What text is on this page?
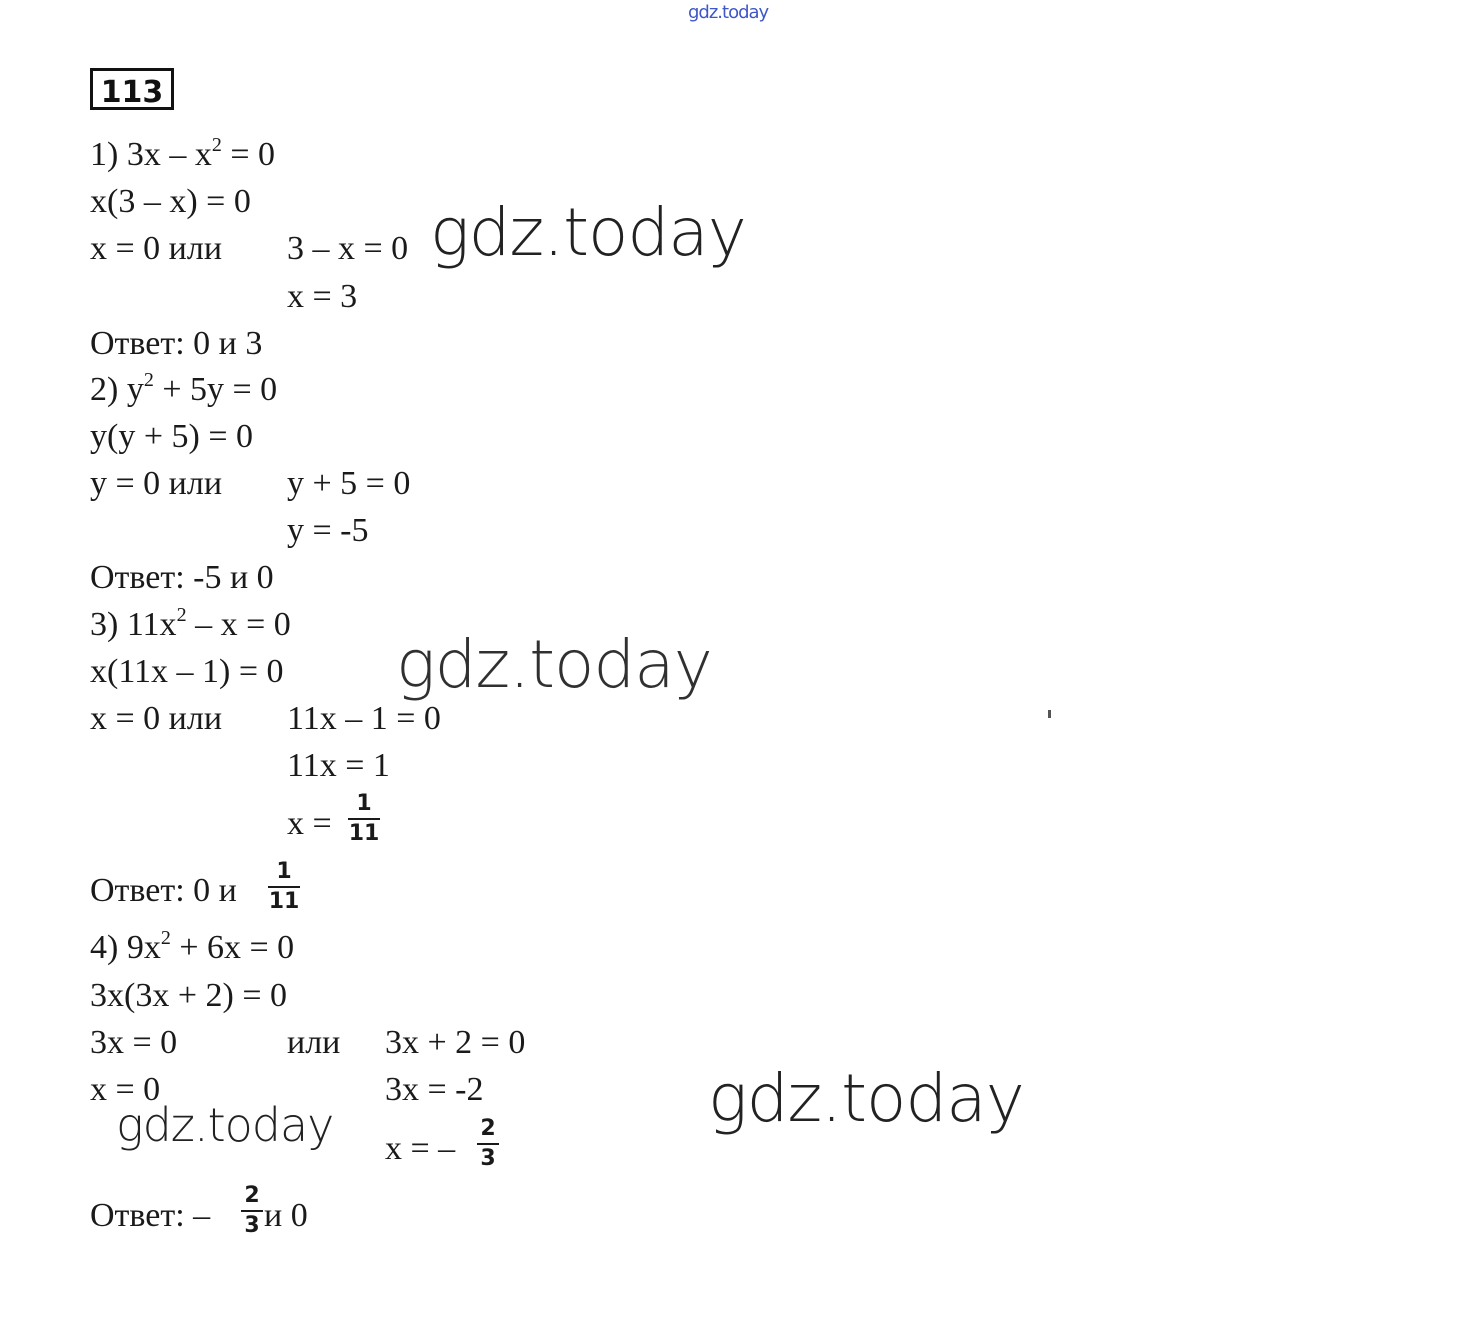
gdz.today
113
1) $3x - x^2 = 0$
x(3 – x) = 0
x = 0 или 3 – x = 0
x = 3
Ответ: 0 и 3
2) $y^2 + 5y = 0$
y(y + 5) = 0
y = 0 или y + 5 = 0
y = -5
Ответ: -5 и 0
3) $11x^2 - x = 0$
x(11x – 1) = 0
x = 0 или 11x – 1 = 0
11x = 1
x =
1
11
Ответ: 0 и
1
11
4) $9x^2 + 6x = 0$
3x(3x + 2) = 0
3x = 0	или 3x + 2 = 0
x = 0	3x = -2
x = –
2
3
Ответ: –
2
3 и 0
gdz.today
gdz.today
gdz.today
gdz.today
